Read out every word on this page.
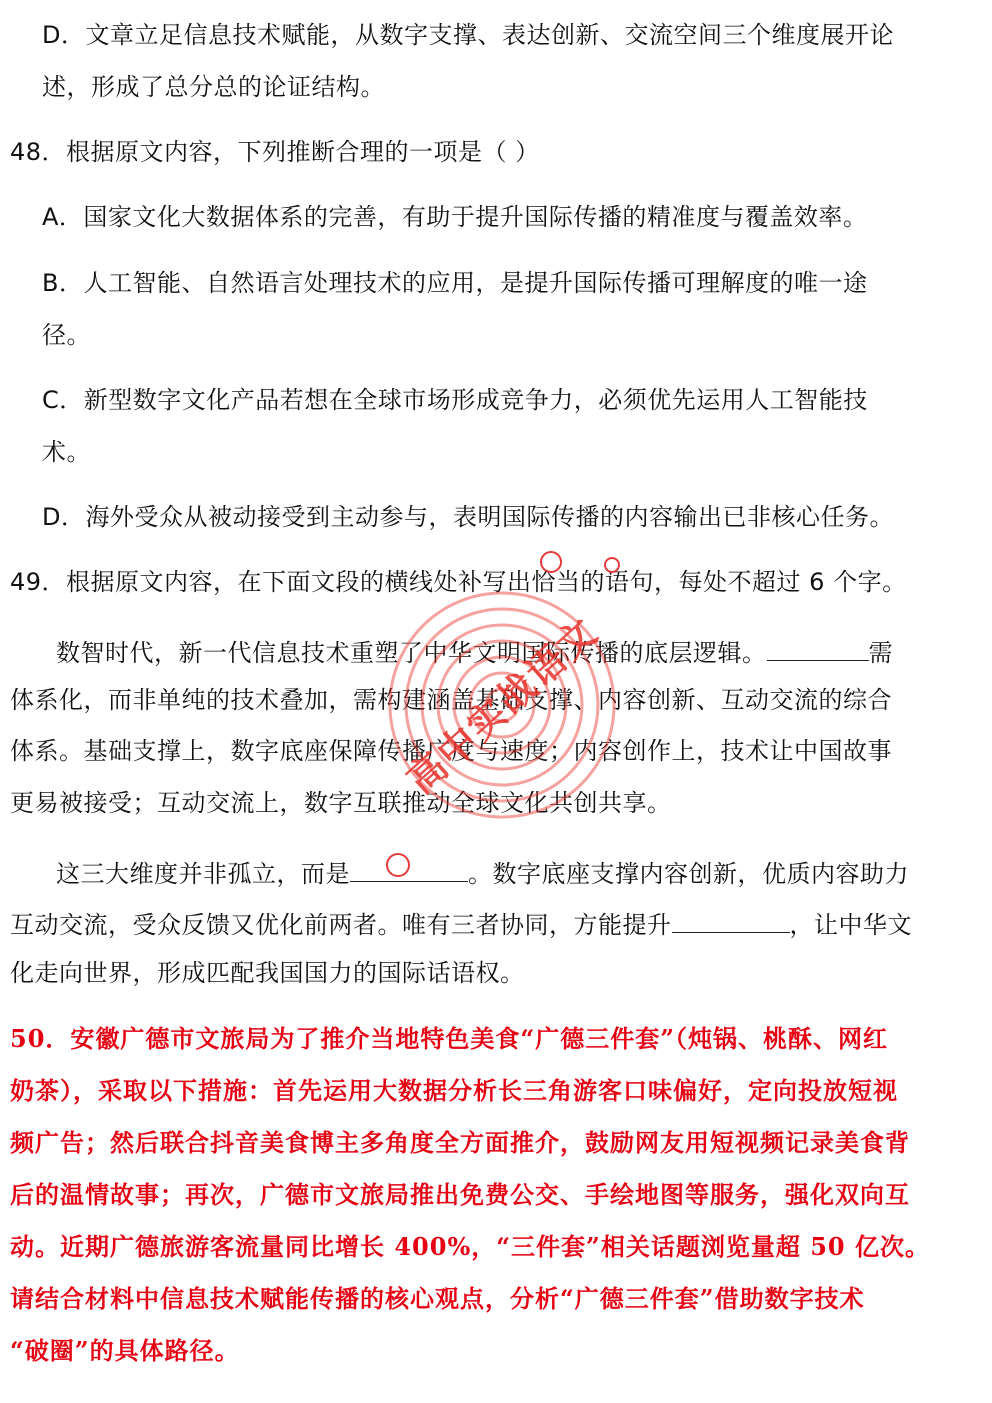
D．文章立足信息技术赋能，从数字支撑、表达创新、交流空间三个维度展开论
述，形成了总分总的论证结构。
48．根据原文内容，下列推断合理的一项是（ ）
A．国家文化大数据体系的完善，有助于提升国际传播的精准度与覆盖效率。
B．人工智能、自然语言处理技术的应用，是提升国际传播可理解度的唯一途
径。
C．新型数字文化产品若想在全球市场形成竞争力，必须优先运用人工智能技
术。
D．海外受众从被动接受到主动参与，表明国际传播的内容输出已非核心任务。
49．根据原文内容，在下面文段的横线处补写出恰当的语句，每处不超过 6 个字。
数智时代，新一代信息技术重塑了中华文明国际传播的底层逻辑。	需
体系化，而非单纯的技术叠加，需构建涵盖基础支撑、内容创新、互动交流的综合
体系。基础支撑上，数字底座保障传播广度与速度；内容创作上，技术让中国故事
更易被接受；互动交流上，数字互联推动全球文化共创共享。
这三大维度并非孤立，而是	。数字底座支撑内容创新，优质内容助力
互动交流，受众反馈又优化前两者。唯有三者协同，方能提升	，让中华文
化走向世界，形成匹配我国国力的国际话语权。
50．安徽广德市文旅局为了推介当地特色美食“广德三件套”（炖锅、桃酥、网红
奶茶），采取以下措施：首先运用大数据分析长三角游客口味偏好，定向投放短视
频广告；然后联合抖音美食博主多角度全方面推介，鼓励网友用短视频记录美食背
后的温情故事；再次，广德市文旅局推出免费公交、手绘地图等服务，强化双向互
动。近期广德旅游客流量同比增长 400%，“三件套”相关话题浏览量超 50 亿次。
请结合材料中信息技术赋能传播的核心观点，分析“广德三件套”借助数字技术
“破圈”的具体路径。
高中实战语文
